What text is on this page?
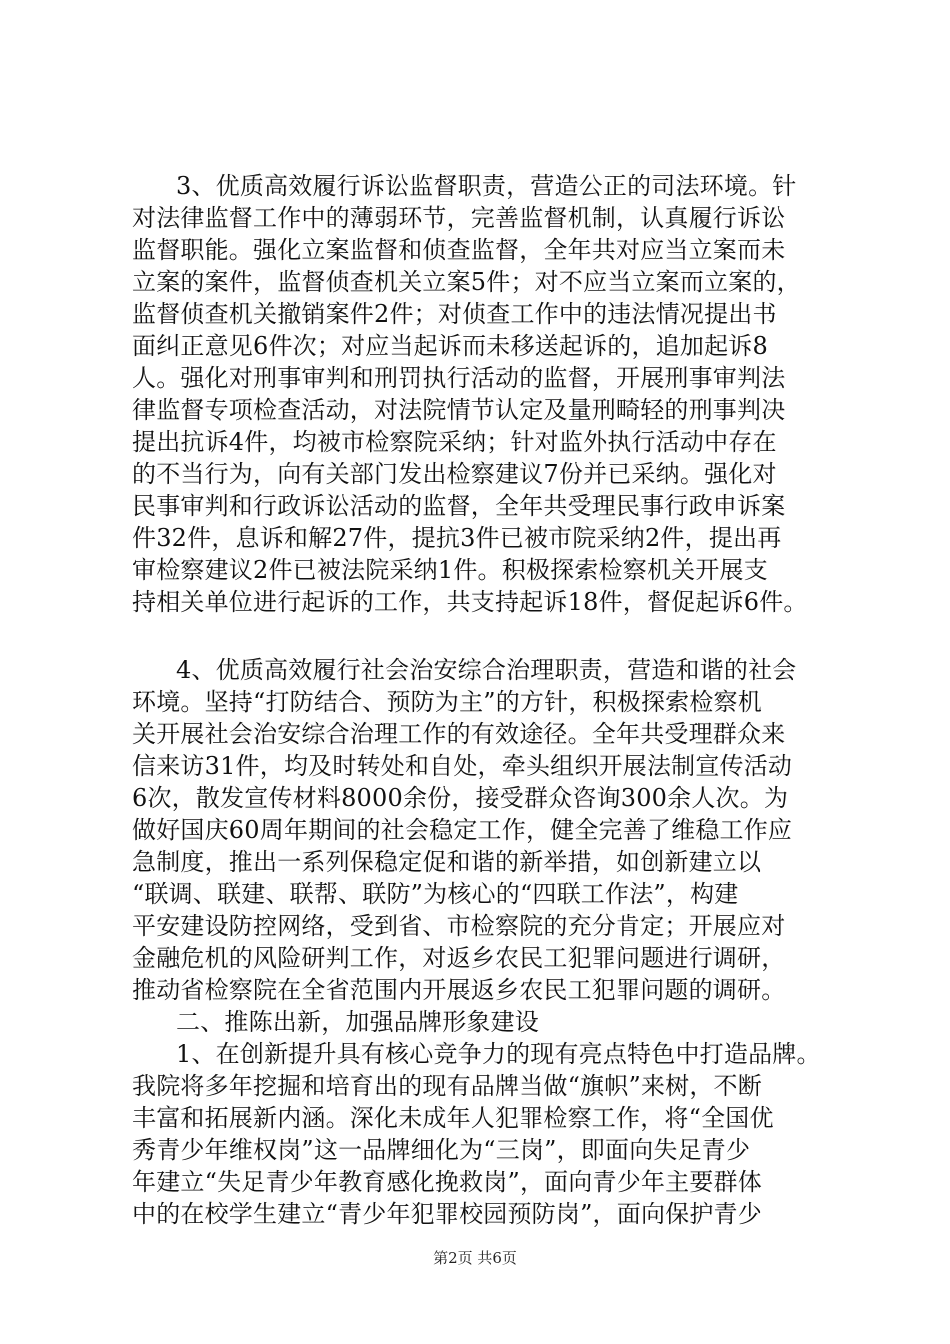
3、优质高效履行诉讼监督职责，营造公正的司法环境。针
对法律监督工作中的薄弱环节，完善监督机制，认真履行诉讼
监督职能。强化立案监督和侦查监督，全年共对应当立案而未
立案的案件，监督侦查机关立案5件；对不应当立案而立案的，
监督侦查机关撤销案件2件；对侦查工作中的违法情况提出书
面纠正意见6件次；对应当起诉而未移送起诉的，追加起诉8
人。强化对刑事审判和刑罚执行活动的监督，开展刑事审判法
律监督专项检查活动，对法院情节认定及量刑畸轻的刑事判决
提出抗诉4件，均被市检察院采纳；针对监外执行活动中存在
的不当行为，向有关部门发出检察建议7份并已采纳。强化对
民事审判和行政诉讼活动的监督，全年共受理民事行政申诉案
件32件，息诉和解27件，提抗3件已被市院采纳2件，提出再
审检察建议2件已被法院采纳1件。积极探索检察机关开展支
持相关单位进行起诉的工作，共支持起诉18件，督促起诉6件。
4、优质高效履行社会治安综合治理职责，营造和谐的社会
环境。坚持“打防结合、预防为主”的方针，积极探索检察机
关开展社会治安综合治理工作的有效途径。全年共受理群众来
信来访31件，均及时转处和自处，牵头组织开展法制宣传活动
6次，散发宣传材料8000余份，接受群众咨询300余人次。为
做好国庆60周年期间的社会稳定工作，健全完善了维稳工作应
急制度，推出一系列保稳定促和谐的新举措，如创新建立以
“联调、联建、联帮、联防”为核心的“四联工作法”，构建
平安建设防控网络，受到省、市检察院的充分肯定；开展应对
金融危机的风险研判工作，对返乡农民工犯罪问题进行调研，
推动省检察院在全省范围内开展返乡农民工犯罪问题的调研。
二、推陈出新，加强品牌形象建设
1、在创新提升具有核心竞争力的现有亮点特色中打造品牌。
我院将多年挖掘和培育出的现有品牌当做“旗帜”来树，不断
丰富和拓展新内涵。深化未成年人犯罪检察工作，将“全国优
秀青少年维权岗”这一品牌细化为“三岗”，即面向失足青少
年建立“失足青少年教育感化挽救岗”，面向青少年主要群体
中的在校学生建立“青少年犯罪校园预防岗”，面向保护青少
第2页 共6页
